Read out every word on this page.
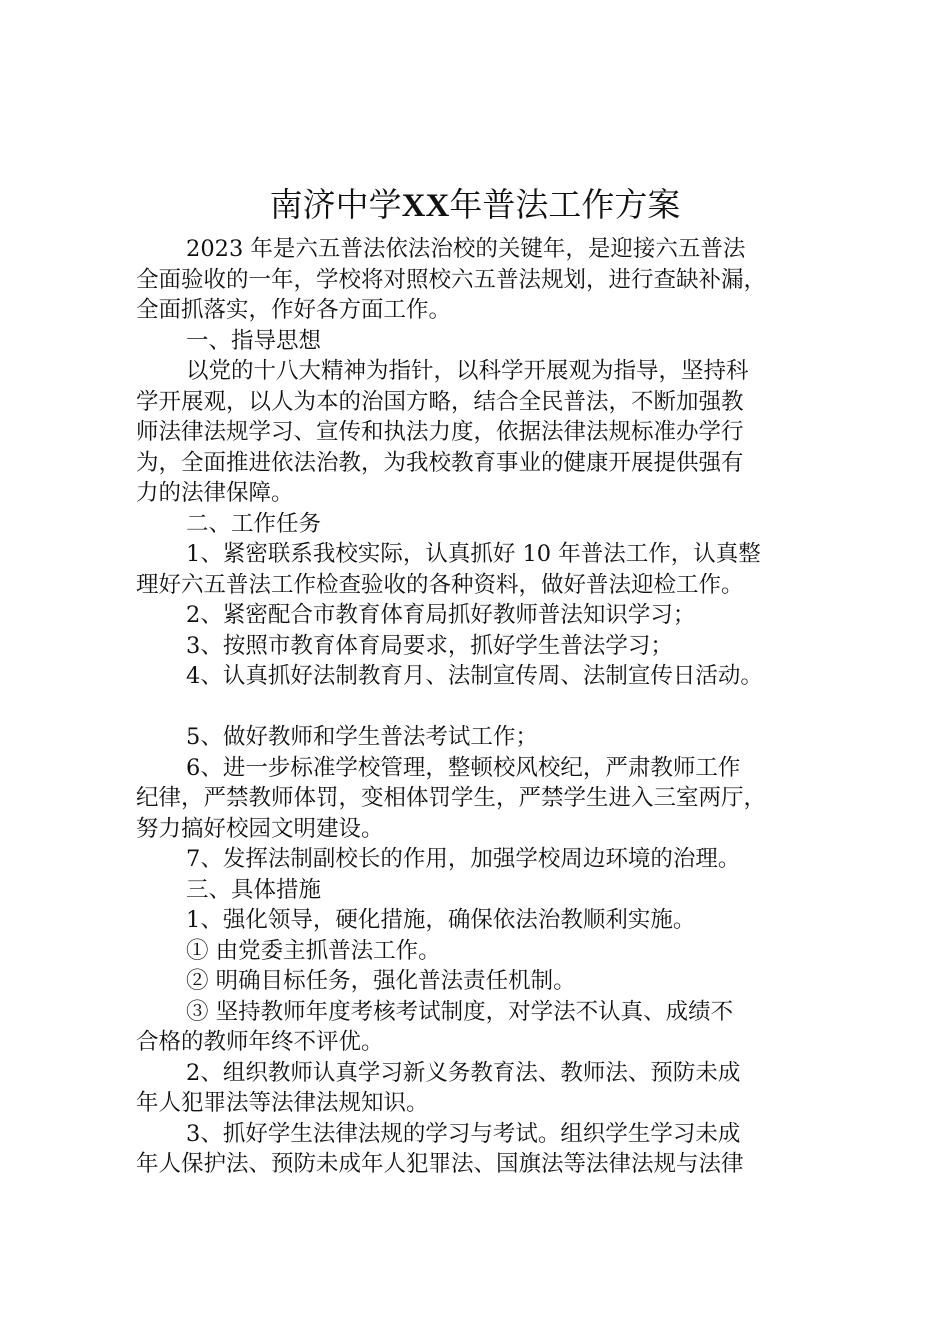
南济中学XX年普法工作方案
2023 年是六五普法依法治校的关键年，是迎接六五普法
全面验收的一年，学校将对照校六五普法规划，进行查缺补漏，
全面抓落实，作好各方面工作。
一、指导思想
以党的十八大精神为指针，以科学开展观为指导，坚持科
学开展观，以人为本的治国方略，结合全民普法，不断加强教
师法律法规学习、宣传和执法力度，依据法律法规标准办学行
为，全面推进依法治教，为我校教育事业的健康开展提供强有
力的法律保障。
二、工作任务
1、紧密联系我校实际，认真抓好 10 年普法工作，认真整
理好六五普法工作检查验收的各种资料，做好普法迎检工作。
2、紧密配合市教育体育局抓好教师普法知识学习；
3、按照市教育体育局要求，抓好学生普法学习；
4、认真抓好法制教育月、法制宣传周、法制宣传日活动。
5、做好教师和学生普法考试工作；
6、进一步标准学校管理，整顿校风校纪，严肃教师工作
纪律，严禁教师体罚，变相体罚学生，严禁学生进入三室两厅，
努力搞好校园文明建设。
7、发挥法制副校长的作用，加强学校周边环境的治理。
三、具体措施
1、强化领导，硬化措施，确保依法治教顺利实施。
① 由党委主抓普法工作。
② 明确目标任务，强化普法责任机制。
③ 坚持教师年度考核考试制度，对学法不认真、成绩不
合格的教师年终不评优。
2、组织教师认真学习新义务教育法、教师法、预防未成
年人犯罪法等法律法规知识。
3、抓好学生法律法规的学习与考试。组织学生学习未成
年人保护法、预防未成年人犯罪法、国旗法等法律法规与法律
